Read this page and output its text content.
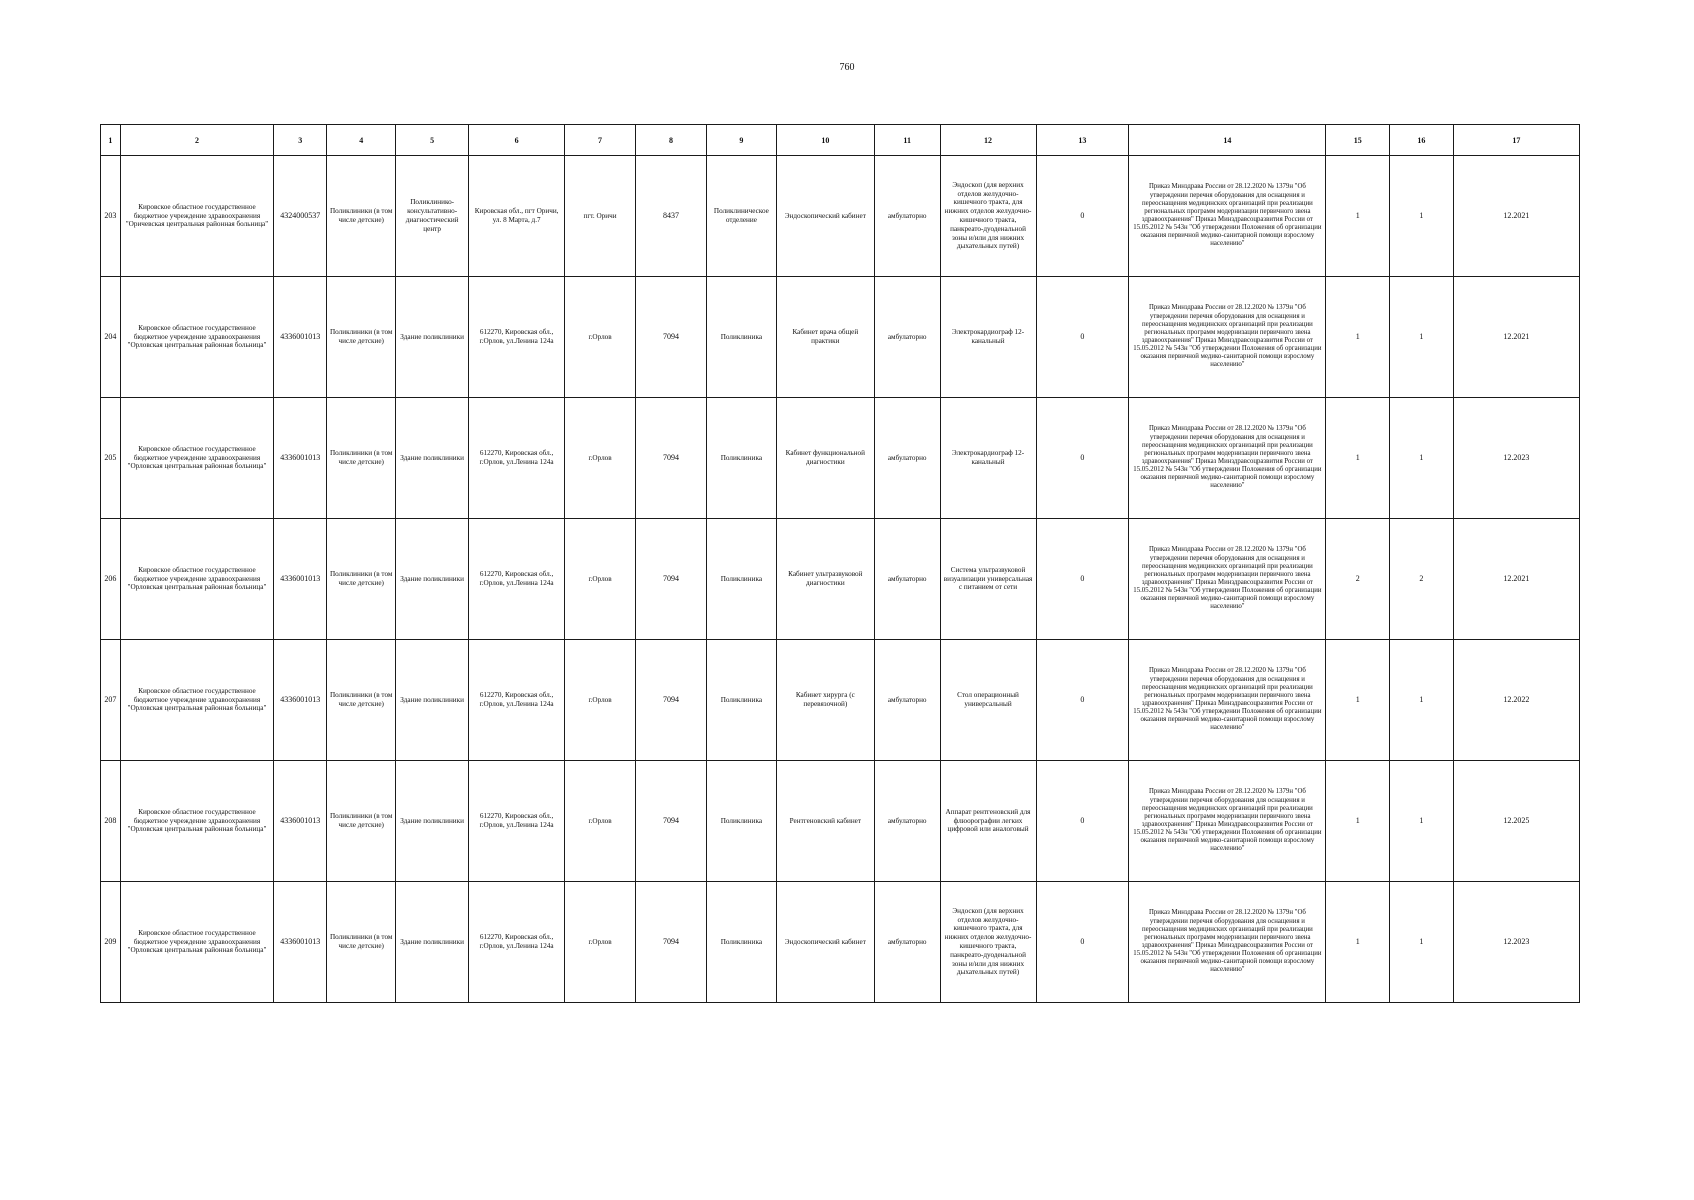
760
1	2	3	4	5	6	7	8	9	10	11	12	13	14	15	16	17
203	Кировское областное государственное бюджетное учреждение здравоохранения "Оричевская центральная районная больница"	4324000537	Поликлиники (в том числе детские)	Поликлинико-консультативно-диагностический центр	Кировская обл., пгт Оричи, ул. 8 Марта, д.7	пгт. Оричи	8437	Поликлиническое отделение	Эндоскопический кабинет	амбулаторно	Эндоскоп (для верхних отделов желудочно-кишечного тракта, для нижних отделов желудочно-кишечного тракта, панкреато-дуоденальной зоны и/или для нижних дыхательных путей)	0	Приказ Минздрава России от 28.12.2020 № 1379н "Об утверждении перечня оборудования для оснащения и переоснащения медицинских организаций при реализации региональных программ модернизации первичного звена здравоохранения" Приказ Минздравсоцразвития России от 15.05.2012 № 543н "Об утверждении Положения об организации оказания первичной медико-санитарной помощи взрослому населению"	1	1	12.2021
204	Кировское областное государственное бюджетное учреждение здравоохранения "Орловская центральная районная больница"	4336001013	Поликлиники (в том числе детские)	Здание поликлиники	612270, Кировская обл., г.Орлов, ул.Ленина 124а	г.Орлов	7094	Поликлиника	Кабинет врача общей практики	амбулаторно	Электрокардиограф 12-канальный	0	Приказ Минздрава России от 28.12.2020 № 1379н "Об утверждении перечня оборудования для оснащения и переоснащения медицинских организаций при реализации региональных программ модернизации первичного звена здравоохранения" Приказ Минздравсоцразвития России от 15.05.2012 № 543н "Об утверждении Положения об организации оказания первичной медико-санитарной помощи взрослому населению"	1	1	12.2021
205	Кировское областное государственное бюджетное учреждение здравоохранения "Орловская центральная районная больница"	4336001013	Поликлиники (в том числе детские)	Здание поликлиники	612270, Кировская обл., г.Орлов, ул.Ленина 124а	г.Орлов	7094	Поликлиника	Кабинет функциональной диагностики	амбулаторно	Электрокардиограф 12-канальный	0	Приказ Минздрава России от 28.12.2020 № 1379н "Об утверждении перечня оборудования для оснащения и переоснащения медицинских организаций при реализации региональных программ модернизации первичного звена здравоохранения" Приказ Минздравсоцразвития России от 15.05.2012 № 543н "Об утверждении Положения об организации оказания первичной медико-санитарной помощи взрослому населению"	1	1	12.2023
206	Кировское областное государственное бюджетное учреждение здравоохранения "Орловская центральная районная больница"	4336001013	Поликлиники (в том числе детские)	Здание поликлиники	612270, Кировская обл., г.Орлов, ул.Ленина 124а	г.Орлов	7094	Поликлиника	Кабинет ультразвуковой диагностики	амбулаторно	Система ультразвуковой визуализации универсальная с питанием от сети	0	Приказ Минздрава России от 28.12.2020 № 1379н "Об утверждении перечня оборудования для оснащения и переоснащения медицинских организаций при реализации региональных программ модернизации первичного звена здравоохранения" Приказ Минздравсоцразвития России от 15.05.2012 № 543н "Об утверждении Положения об организации оказания первичной медико-санитарной помощи взрослому населению"	2	2	12.2021
207	Кировское областное государственное бюджетное учреждение здравоохранения "Орловская центральная районная больница"	4336001013	Поликлиники (в том числе детские)	Здание поликлиники	612270, Кировская обл., г.Орлов, ул.Ленина 124а	г.Орлов	7094	Поликлиника	Кабинет хирурга (с перевязочной)	амбулаторно	Стол операционный универсальный	0	Приказ Минздрава России от 28.12.2020 № 1379н "Об утверждении перечня оборудования для оснащения и переоснащения медицинских организаций при реализации региональных программ модернизации первичного звена здравоохранения" Приказ Минздравсоцразвития России от 15.05.2012 № 543н "Об утверждении Положения об организации оказания первичной медико-санитарной помощи взрослому населению"	1	1	12.2022
208	Кировское областное государственное бюджетное учреждение здравоохранения "Орловская центральная районная больница"	4336001013	Поликлиники (в том числе детские)	Здание поликлиники	612270, Кировская обл., г.Орлов, ул.Ленина 124а	г.Орлов	7094	Поликлиника	Рентгеновский кабинет	амбулаторно	Аппарат рентгеновский для флюорографии легких цифровой или аналоговый	0	Приказ Минздрава России от 28.12.2020 № 1379н "Об утверждении перечня оборудования для оснащения и переоснащения медицинских организаций при реализации региональных программ модернизации первичного звена здравоохранения" Приказ Минздравсоцразвития России от 15.05.2012 № 543н "Об утверждении Положения об организации оказания первичной медико-санитарной помощи взрослому населению"	1	1	12.2025
209	Кировское областное государственное бюджетное учреждение здравоохранения "Орловская центральная районная больница"	4336001013	Поликлиники (в том числе детские)	Здание поликлиники	612270, Кировская обл., г.Орлов, ул.Ленина 124а	г.Орлов	7094	Поликлиника	Эндоскопический кабинет	амбулаторно	Эндоскоп (для верхних отделов желудочно-кишечного тракта, для нижних отделов желудочно-кишечного тракта, панкреато-дуоденальной зоны и/или для нижних дыхательных путей)	0	Приказ Минздрава России от 28.12.2020 № 1379н "Об утверждении перечня оборудования для оснащения и переоснащения медицинских организаций при реализации региональных программ модернизации первичного звена здравоохранения" Приказ Минздравсоцразвития России от 15.05.2012 № 543н "Об утверждении Положения об организации оказания первичной медико-санитарной помощи взрослому населению"	1	1	12.2023
